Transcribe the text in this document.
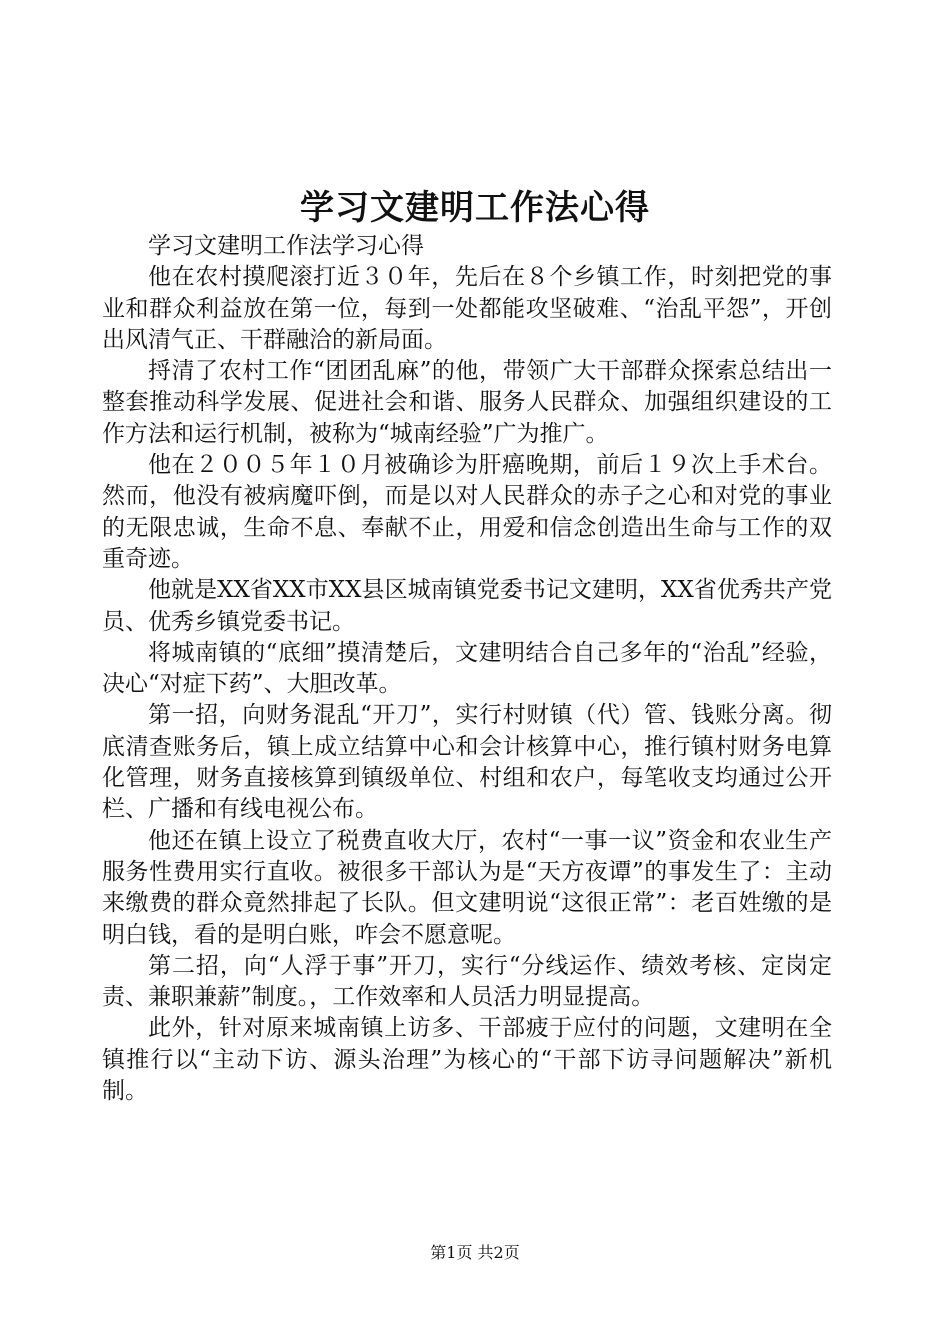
学习文建明工作法心得

学习文建明工作法学习心得

他在农村摸爬滚打近３０年，先后在８个乡镇工作，时刻把党的事业和群众利益放在第一位，每到一处都能攻坚破难、“治乱平怨”，开创出风清气正、干群融洽的新局面。

捋清了农村工作“团团乱麻”的他，带领广大干部群众探索总结出一整套推动科学发展、促进社会和谐、服务人民群众、加强组织建设的工作方法和运行机制，被称为“城南经验”广为推广。

他在２００５年１０月被确诊为肝癌晚期，前后１９次上手术台。然而，他没有被病魔吓倒，而是以对人民群众的赤子之心和对党的事业的无限忠诚，生命不息、奉献不止，用爱和信念创造出生命与工作的双重奇迹。

他就是XX省XX市XX县区城南镇党委书记文建明，XX省优秀共产党员、优秀乡镇党委书记。

将城南镇的“底细”摸清楚后，文建明结合自己多年的“治乱”经验，决心“对症下药”、大胆改革。

第一招，向财务混乱“开刀”，实行村财镇（代）管、钱账分离。彻底清查账务后，镇上成立结算中心和会计核算中心，推行镇村财务电算化管理，财务直接核算到镇级单位、村组和农户，每笔收支均通过公开栏、广播和有线电视公布。

他还在镇上设立了税费直收大厅，农村“一事一议”资金和农业生产服务性费用实行直收。被很多干部认为是“天方夜谭”的事发生了：主动来缴费的群众竟然排起了长队。但文建明说“这很正常”：老百姓缴的是明白钱，看的是明白账，咋会不愿意呢。

第二招，向“人浮于事”开刀，实行“分线运作、绩效考核、定岗定责、兼职兼薪”制度。，工作效率和人员活力明显提高。

此外，针对原来城南镇上访多、干部疲于应付的问题，文建明在全镇推行以“主动下访、源头治理”为核心的“干部下访寻问题解决”新机制。

第1页 共2页
